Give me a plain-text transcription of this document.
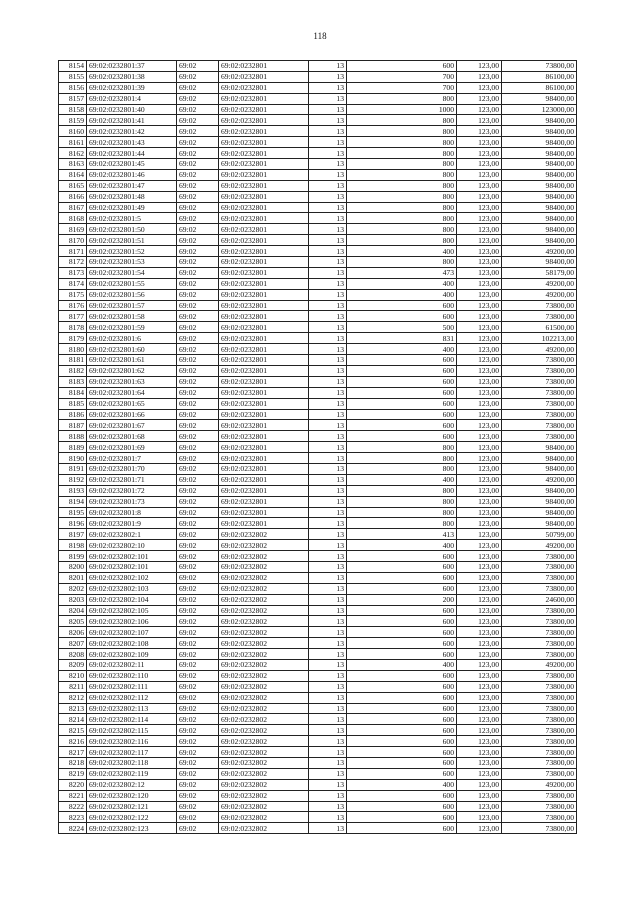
118
8154	69:02:0232801:37	69:02	69:02:0232801	13	600	123,00	73800,00
8155	69:02:0232801:38	69:02	69:02:0232801	13	700	123,00	86100,00
8156	69:02:0232801:39	69:02	69:02:0232801	13	700	123,00	86100,00
8157	69:02:0232801:4	69:02	69:02:0232801	13	800	123,00	98400,00
8158	69:02:0232801:40	69:02	69:02:0232801	13	1000	123,00	123000,00
8159	69:02:0232801:41	69:02	69:02:0232801	13	800	123,00	98400,00
8160	69:02:0232801:42	69:02	69:02:0232801	13	800	123,00	98400,00
8161	69:02:0232801:43	69:02	69:02:0232801	13	800	123,00	98400,00
8162	69:02:0232801:44	69:02	69:02:0232801	13	800	123,00	98400,00
8163	69:02:0232801:45	69:02	69:02:0232801	13	800	123,00	98400,00
8164	69:02:0232801:46	69:02	69:02:0232801	13	800	123,00	98400,00
8165	69:02:0232801:47	69:02	69:02:0232801	13	800	123,00	98400,00
8166	69:02:0232801:48	69:02	69:02:0232801	13	800	123,00	98400,00
8167	69:02:0232801:49	69:02	69:02:0232801	13	800	123,00	98400,00
8168	69:02:0232801:5	69:02	69:02:0232801	13	800	123,00	98400,00
8169	69:02:0232801:50	69:02	69:02:0232801	13	800	123,00	98400,00
8170	69:02:0232801:51	69:02	69:02:0232801	13	800	123,00	98400,00
8171	69:02:0232801:52	69:02	69:02:0232801	13	400	123,00	49200,00
8172	69:02:0232801:53	69:02	69:02:0232801	13	800	123,00	98400,00
8173	69:02:0232801:54	69:02	69:02:0232801	13	473	123,00	58179,00
8174	69:02:0232801:55	69:02	69:02:0232801	13	400	123,00	49200,00
8175	69:02:0232801:56	69:02	69:02:0232801	13	400	123,00	49200,00
8176	69:02:0232801:57	69:02	69:02:0232801	13	600	123,00	73800,00
8177	69:02:0232801:58	69:02	69:02:0232801	13	600	123,00	73800,00
8178	69:02:0232801:59	69:02	69:02:0232801	13	500	123,00	61500,00
8179	69:02:0232801:6	69:02	69:02:0232801	13	831	123,00	102213,00
8180	69:02:0232801:60	69:02	69:02:0232801	13	400	123,00	49200,00
8181	69:02:0232801:61	69:02	69:02:0232801	13	600	123,00	73800,00
8182	69:02:0232801:62	69:02	69:02:0232801	13	600	123,00	73800,00
8183	69:02:0232801:63	69:02	69:02:0232801	13	600	123,00	73800,00
8184	69:02:0232801:64	69:02	69:02:0232801	13	600	123,00	73800,00
8185	69:02:0232801:65	69:02	69:02:0232801	13	600	123,00	73800,00
8186	69:02:0232801:66	69:02	69:02:0232801	13	600	123,00	73800,00
8187	69:02:0232801:67	69:02	69:02:0232801	13	600	123,00	73800,00
8188	69:02:0232801:68	69:02	69:02:0232801	13	600	123,00	73800,00
8189	69:02:0232801:69	69:02	69:02:0232801	13	800	123,00	98400,00
8190	69:02:0232801:7	69:02	69:02:0232801	13	800	123,00	98400,00
8191	69:02:0232801:70	69:02	69:02:0232801	13	800	123,00	98400,00
8192	69:02:0232801:71	69:02	69:02:0232801	13	400	123,00	49200,00
8193	69:02:0232801:72	69:02	69:02:0232801	13	800	123,00	98400,00
8194	69:02:0232801:73	69:02	69:02:0232801	13	800	123,00	98400,00
8195	69:02:0232801:8	69:02	69:02:0232801	13	800	123,00	98400,00
8196	69:02:0232801:9	69:02	69:02:0232801	13	800	123,00	98400,00
8197	69:02:0232802:1	69:02	69:02:0232802	13	413	123,00	50799,00
8198	69:02:0232802:10	69:02	69:02:0232802	13	400	123,00	49200,00
8199	69:02:0232802:101	69:02	69:02:0232802	13	600	123,00	73800,00
8200	69:02:0232802:101	69:02	69:02:0232802	13	600	123,00	73800,00
8201	69:02:0232802:102	69:02	69:02:0232802	13	600	123,00	73800,00
8202	69:02:0232802:103	69:02	69:02:0232802	13	600	123,00	73800,00
8203	69:02:0232802:104	69:02	69:02:0232802	13	200	123,00	24600,00
8204	69:02:0232802:105	69:02	69:02:0232802	13	600	123,00	73800,00
8205	69:02:0232802:106	69:02	69:02:0232802	13	600	123,00	73800,00
8206	69:02:0232802:107	69:02	69:02:0232802	13	600	123,00	73800,00
8207	69:02:0232802:108	69:02	69:02:0232802	13	600	123,00	73800,00
8208	69:02:0232802:109	69:02	69:02:0232802	13	600	123,00	73800,00
8209	69:02:0232802:11	69:02	69:02:0232802	13	400	123,00	49200,00
8210	69:02:0232802:110	69:02	69:02:0232802	13	600	123,00	73800,00
8211	69:02:0232802:111	69:02	69:02:0232802	13	600	123,00	73800,00
8212	69:02:0232802:112	69:02	69:02:0232802	13	600	123,00	73800,00
8213	69:02:0232802:113	69:02	69:02:0232802	13	600	123,00	73800,00
8214	69:02:0232802:114	69:02	69:02:0232802	13	600	123,00	73800,00
8215	69:02:0232802:115	69:02	69:02:0232802	13	600	123,00	73800,00
8216	69:02:0232802:116	69:02	69:02:0232802	13	600	123,00	73800,00
8217	69:02:0232802:117	69:02	69:02:0232802	13	600	123,00	73800,00
8218	69:02:0232802:118	69:02	69:02:0232802	13	600	123,00	73800,00
8219	69:02:0232802:119	69:02	69:02:0232802	13	600	123,00	73800,00
8220	69:02:0232802:12	69:02	69:02:0232802	13	400	123,00	49200,00
8221	69:02:0232802:120	69:02	69:02:0232802	13	600	123,00	73800,00
8222	69:02:0232802:121	69:02	69:02:0232802	13	600	123,00	73800,00
8223	69:02:0232802:122	69:02	69:02:0232802	13	600	123,00	73800,00
8224	69:02:0232802:123	69:02	69:02:0232802	13	600	123,00	73800,00
